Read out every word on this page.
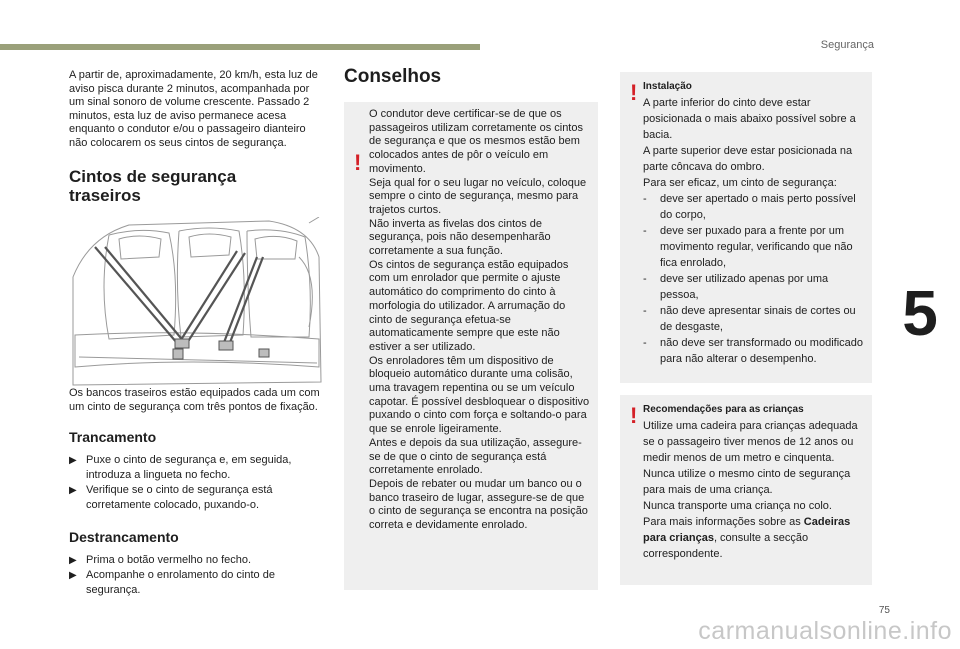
Segurança
5
75
carmanualsonline.info

A partir de, aproximadamente, 20 km/h, esta luz de aviso pisca durante 2 minutos, acompanhada por um sinal sonoro de volume crescente. Passado 2 minutos, esta luz de aviso permanece acesa enquanto o condutor e/ou o passageiro dianteiro não colocarem os seus cintos de segurança.

Cintos de segurança
traseiros

Os bancos traseiros estão equipados cada um com um cinto de segurança com três pontos de fixação.

Trancamento
▶ Puxe o cinto de segurança e, em seguida, introduza a lingueta no fecho.
▶ Verifique se o cinto de segurança está corretamente colocado, puxando-o.
Destrancamento
▶ Prima o botão vermelho no fecho.
▶ Acompanhe o enrolamento do cinto de segurança.
Conselhos
!
O condutor deve certificar-se de que os passageiros utilizam corretamente os cintos de segurança e que os mesmos estão bem colocados antes de pôr o veículo em movimento.
Seja qual for o seu lugar no veículo, coloque sempre o cinto de segurança, mesmo para trajetos curtos.
Não inverta as fivelas dos cintos de segurança, pois não desempenharão corretamente a sua função.
Os cintos de segurança estão equipados com um enrolador que permite o ajuste automático do comprimento do cinto à morfologia do utilizador. A arrumação do cinto de segurança efetua-se automaticamente sempre que este não estiver a ser utilizado.
Os enroladores têm um dispositivo de bloqueio automático durante uma colisão, uma travagem repentina ou se um veículo capotar. É possível desbloquear o dispositivo puxando o cinto com força e soltando-o para que se enrole ligeiramente.
Antes e depois da sua utilização, assegure-se de que o cinto de segurança está corretamente enrolado.
Depois de rebater ou mudar um banco ou o banco traseiro de lugar, assegure-se de que o cinto de segurança se encontra na posição correta e devidamente enrolado.
! Instalação
A parte inferior do cinto deve estar posicionada o mais abaixo possível sobre a bacia.
A parte superior deve estar posicionada na parte côncava do ombro.
Para ser eficaz, um cinto de segurança:
-	deve ser apertado o mais perto possível do corpo,
-	deve ser puxado para a frente por um movimento regular, verificando que não fica enrolado,
-	deve ser utilizado apenas por uma pessoa,
-	não deve apresentar sinais de cortes ou de desgaste,
-	não deve ser transformado ou modificado para não alterar o desempenho.
! Recomendações para as crianças
Utilize uma cadeira para crianças adequada se o passageiro tiver menos de 12 anos ou medir menos de um metro e cinquenta.
Nunca utilize o mesmo cinto de segurança para mais de uma criança.
Nunca transporte uma criança no colo.
Para mais informações sobre as Cadeiras para crianças, consulte a secção correspondente.
